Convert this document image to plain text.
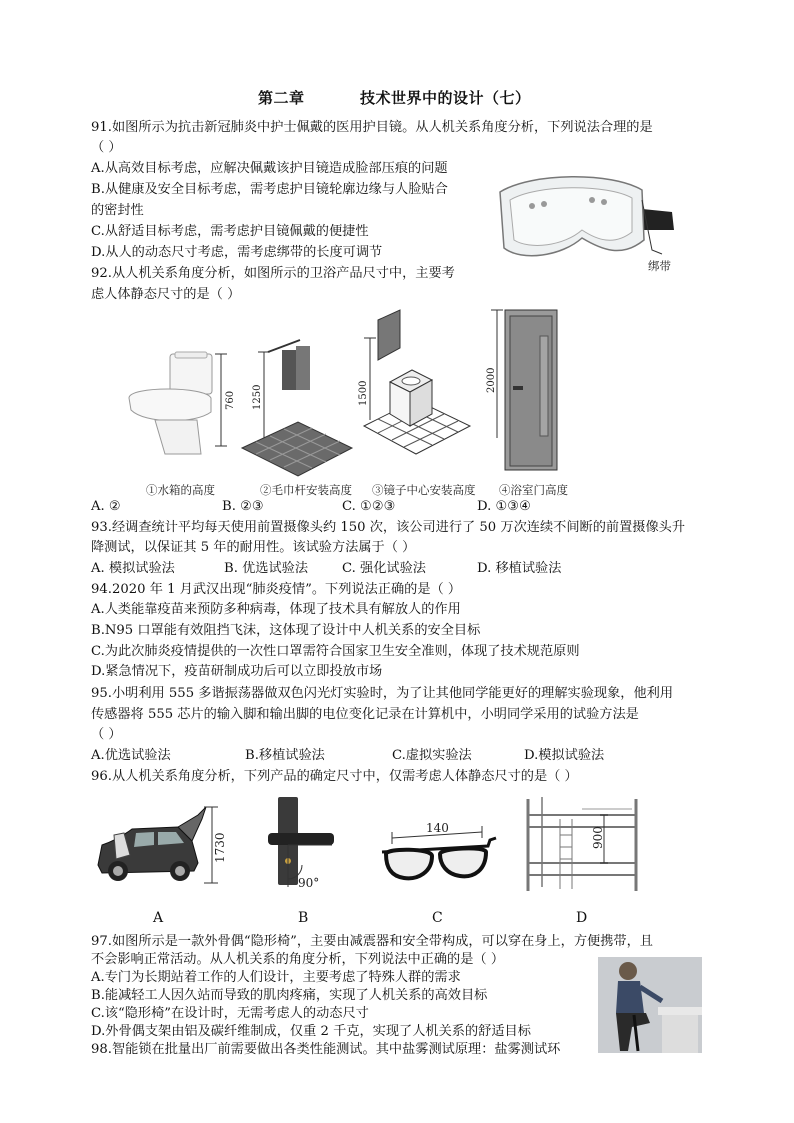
第二章	技术世界中的设计（七）
91.如图所示为抗击新冠肺炎中护士佩戴的医用护目镜。从人机关系角度分析，下列说法合理的是
（ ）
A.从高效目标考虑，应解决佩戴该护目镜造成脸部压痕的问题
B.从健康及安全目标考虑，需考虑护目镜轮廓边缘与人脸贴合
的密封性
C.从舒适目标考虑，需考虑护目镜佩戴的便捷性
D.从人的动态尺寸考虑，需考虑绑带的长度可调节
绑带
92.从人机关系角度分析，如图所示的卫浴产品尺寸中，主要考
虑人体静态尺寸的是（ ）
760 1250	1500
2000
①水箱的高度	②毛巾杆安装高度 ③镜子中心安装高度 ④浴室门高度
A. ②	B. ②③	C. ①②③	D. ①③④
93.经调查统计平均每天使用前置摄像头约 150 次，该公司进行了 50 万次连续不间断的前置摄像头升
降测试，以保证其 5 年的耐用性。该试验方法属于（ ）
A. 模拟试验法	B. 优选试验法	C. 强化试验法	D. 移植试验法
94.2020 年 1 月武汉出现“肺炎疫情”。下列说法正确的是（ ）
A.人类能靠疫苗来预防多种病毒，体现了技术具有解放人的作用
B.N95 口罩能有效阻挡飞沫，这体现了设计中人机关系的安全目标
C.为此次肺炎疫情提供的一次性口罩需符合国家卫生安全准则，体现了技术规范原则
D.紧急情况下，疫苗研制成功后可以立即投放市场
95.小明利用 555 多谐振荡器做双色闪光灯实验时，为了让其他同学能更好的理解实验现象，他利用
传感器将 555 芯片的输入脚和输出脚的电位变化记录在计算机中，小明同学采用的试验方法是
（ ）
A.优选试验法	B.移植试验法	C.虚拟实验法	D.模拟试验法
96.从人机关系角度分析，下列产品的确定尺寸中，仅需考虑人体静态尺寸的是（ ）
1730
90°
140	900
A	B	C	D
97.如图所示是一款外骨偶“隐形椅”，主要由减震器和安全带构成，可以穿在身上，方便携带，且
不会影响正常活动。从人机关系的角度分析，下列说法中正确的是（ ）
A.专门为长期站着工作的人们设计，主要考虑了特殊人群的需求
B.能减轻工人因久站而导致的肌肉疼痛，实现了人机关系的高效目标
C.该“隐形椅”在设计时，无需考虑人的动态尺寸
D.外骨偶支架由铝及碳纤维制成，仅重 2 千克，实现了人机关系的舒适目标
98.智能锁在批量出厂前需要做出各类性能测试。其中盐雾测试原理：盐雾测试环
